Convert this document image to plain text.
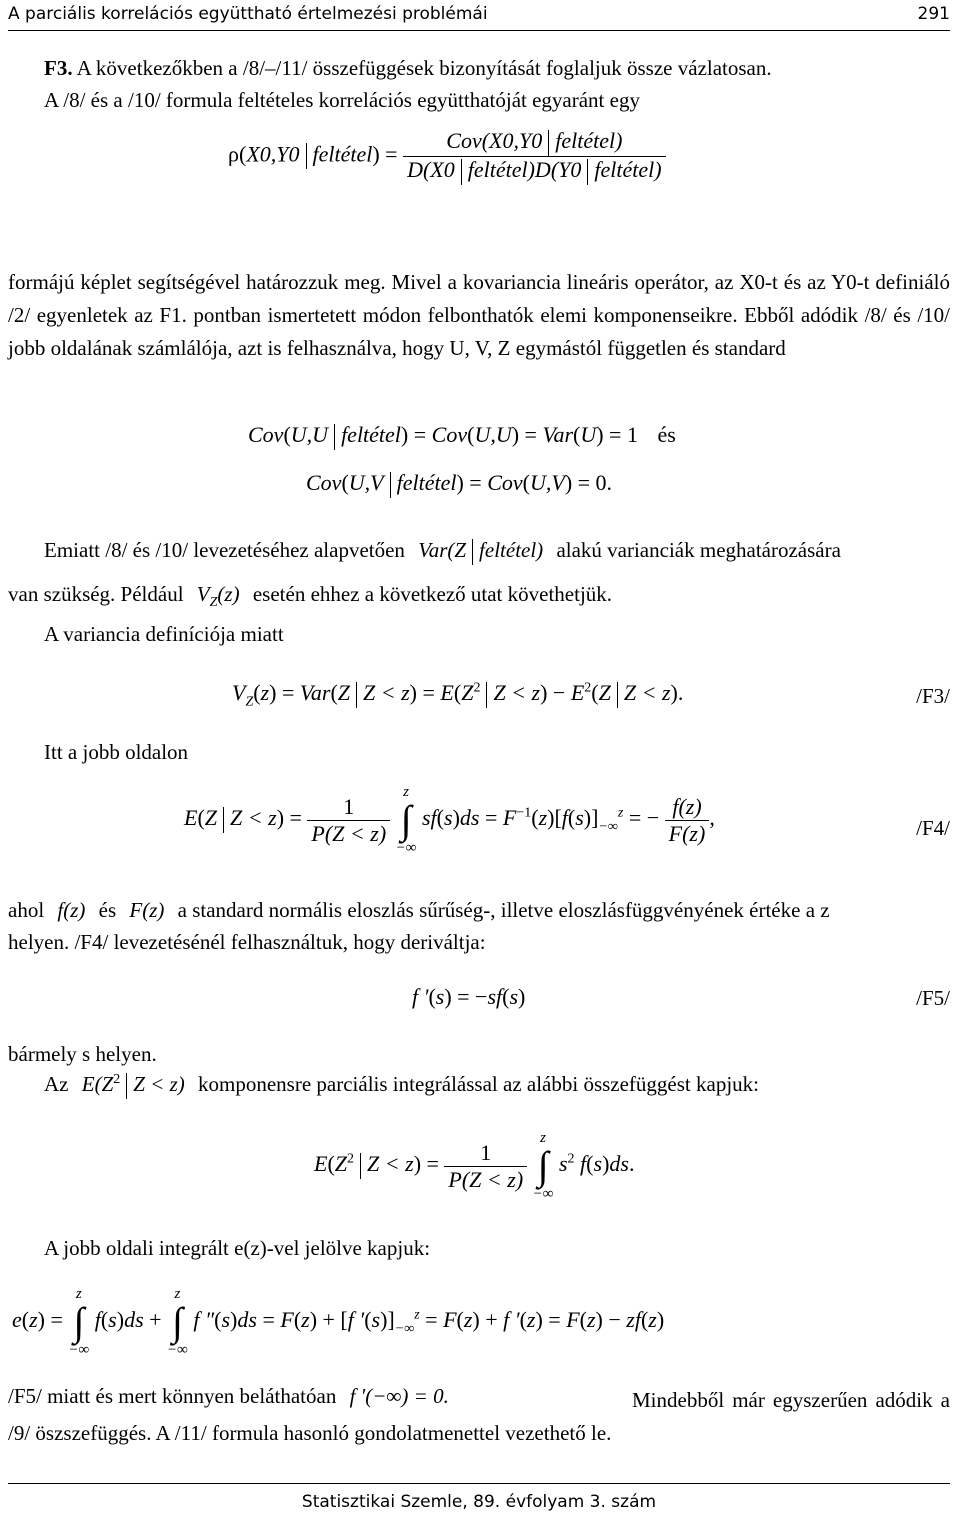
A parciális korrelációs együttható értelmezési problémái	291
F3. A következőkben a /8/–/11/ összefüggések bizonyítását foglaljuk össze vázlatosan.
A /8/ és a /10/ formula feltételes korrelációs együtthatóját egyaránt egy
ρ(X0,Y0 feltétel) = $\frac{\text{Cov(X0,Y0 feltétel)}}{\text{D(X0 feltétel)D(Y0 feltétel)}}$
formájú képlet segítségével határozzuk meg. Mivel a kovariancia lineáris operátor, az X0-t és az Y0-t definiáló /2/ egyenletek az F1. pontban ismertetett módon felbonthatók elemi komponenseikre. Ebből adódik /8/ és /10/ jobb oldalának számlálója, azt is felhasználva, hogy U, V, Z egymástól független és standard
Cov(U,U feltétel) = Cov(U,U) = Var(U) = 1 és
Cov(U,V feltétel) = Cov(U,V) = 0.
Emiatt /8/ és /10/ levezetéséhez alapvetően Var(Z feltétel) alakú varianciák meghatározására
van szükség. Például $V_Z(z)$ esetén ehhez a következő utat követhetjük.
A variancia definíciója miatt
$V_Z(z) = Var(Z$ $Z < z) = E(Z^2$ $Z < z) - E^2(Z$ Z < z).	/F3/
Itt a jobb oldalon
E(Z $Z < z) = \frac{1}{P(Z < z)}$

z
∫
−∞
$sf(s)ds = F^{-1}(z)[f(s)]_{-\infty}^z$ = − $\frac{f(z)}{F(z)}$ ,	/F4/
ahol f(z) és F(z) a standard normális eloszlás sűrűség-, illetve eloszlásfüggvényének értéke a z
helyen. /F4/ levezetésénél felhasználtuk, hogy deriváltja:
f ′(s) = −sf(s)	/F5/
bármely s helyen.
Az $E(Z^2$ Z < z) komponensre parciális integrálással az alábbi összefüggést kapjuk:
$E(Z^2$ $Z < z) = \frac{1}{P(Z < z)}$

z
∫
−∞
$s^2$ f(s)ds.
A jobb oldali integrált e(z)-vel jelölve kapjuk:
e(z) =
z
∫
−∞
f(s)ds +
z
∫
−∞
f ″(s)ds = F(z) + [f $'(s)]_{-\infty}^z = F(z) + f$ ′(z) = F(z) − zf(z)
/F5/ miatt és mert könnyen beláthatóan f ′(−∞) = 0.	Mindebből már egyszerűen adódik a /9/ öszszefüggés. A /11/ formula hasonló gondolatmenettel vezethető le.
Statisztikai Szemle, 89. évfolyam 3. szám
